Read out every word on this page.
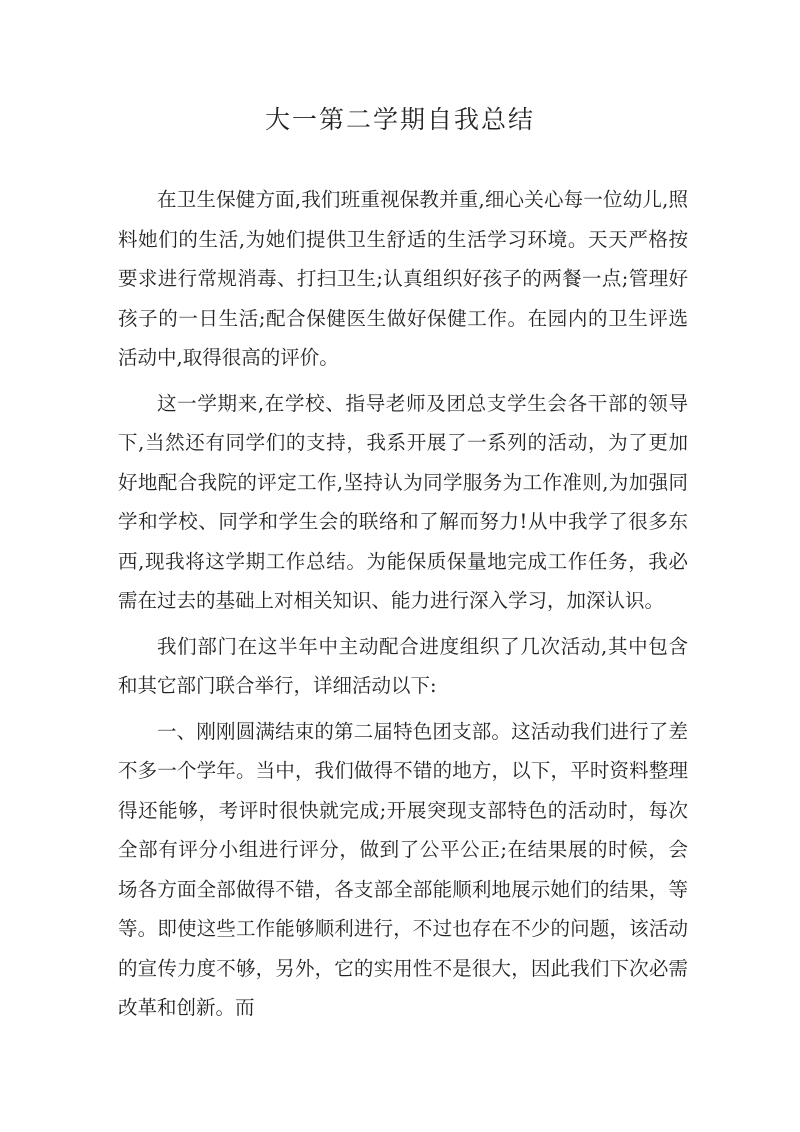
大一第二学期自我总结

在卫生保健方面,我们班重视保教并重,细心关心每一位幼儿,照料她们的生活,为她们提供卫生舒适的生活学习环境。天天严格按要求进行常规消毒、打扫卫生;认真组织好孩子的两餐一点;管理好孩子的一日生活;配合保健医生做好保健工作。在园内的卫生评选活动中,取得很高的评价。

这一学期来,在学校、指导老师及团总支学生会各干部的领导下,当然还有同学们的支持，我系开展了一系列的活动，为了更加好地配合我院的评定工作,坚持认为同学服务为工作准则,为加强同学和学校、同学和学生会的联络和了解而努力!从中我学了很多东西,现我将这学期工作总结。为能保质保量地完成工作任务，我必需在过去的基础上对相关知识、能力进行深入学习，加深认识。

我们部门在这半年中主动配合进度组织了几次活动,其中包含和其它部门联合举行，详细活动以下:

一、刚刚圆满结束的第二届特色团支部。这活动我们进行了差不多一个学年。当中，我们做得不错的地方，以下，平时资料整理得还能够，考评时很快就完成;开展突现支部特色的活动时，每次全部有评分小组进行评分，做到了公平公正;在结果展的时候，会场各方面全部做得不错，各支部全部能顺利地展示她们的结果，等等。即使这些工作能够顺利进行，不过也存在不少的问题，该活动的宣传力度不够，另外，它的实用性不是很大，因此我们下次必需改革和创新。而
